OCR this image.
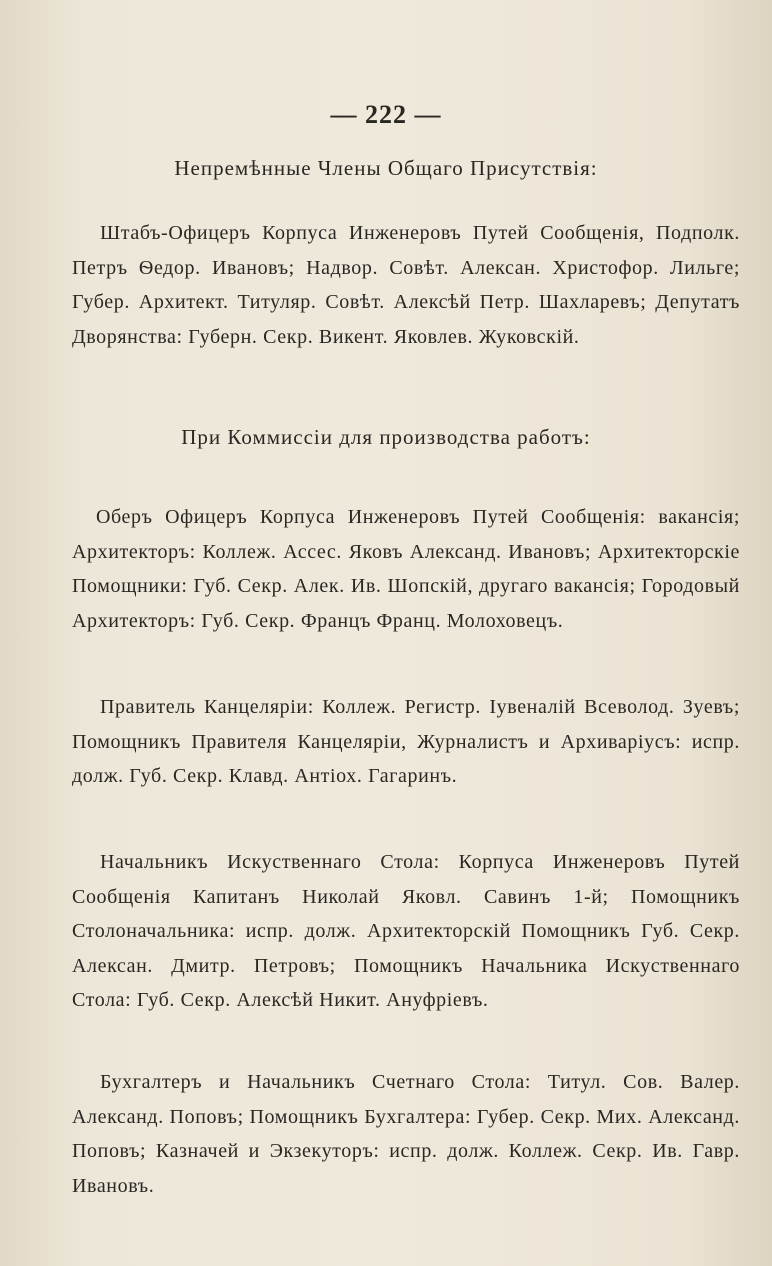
— 222 —
Непремѣнные Члены Общаго Присутствія:
Штабъ-Офицеръ Корпуса Инженеровъ Путей Сообщенія, Подполк. Петръ Ѳедор. Ивановъ; Надвор. Совѣт. Алексан. Христофор. Лильге; Губер. Архитект. Титуляр. Совѣт. Алексѣй Петр. Шахларевъ; Депутатъ Дворянства: Губерн. Секр. Викент. Яковлев. Жуковскій.
При Коммиссіи для производства работъ:
Оберъ Офицеръ Корпуса Инженеровъ Путей Сообщенія: вакансія; Архитекторъ: Коллеж. Ассес. Яковъ Александ. Ивановъ; Архитекторскіе Помощники: Губ. Секр. Алек. Ив. Шопскій, другаго вакансія; Городовый Архитекторъ: Губ. Секр. Францъ Франц. Молоховецъ.
Правитель Канцеляріи: Коллеж. Регистр. Іувеналій Всеволод. Зуевъ; Помощникъ Правителя Канцеляріи, Журналистъ и Архиваріусъ: испр. долж. Губ. Секр. Клавд. Антіох. Гагаринъ.
Начальникъ Искуственнаго Стола: Корпуса Инженеровъ Путей Сообщенія Капитанъ Николай Яковл. Савинъ 1-й; Помощникъ Столоначальника: испр. долж. Архитекторскій Помощникъ Губ. Секр. Алексан. Дмитр. Петровъ; Помощникъ Начальника Искуственнаго Стола: Губ. Секр. Алексѣй Никит. Ануфріевъ.
Бухгалтеръ и Начальникъ Счетнаго Стола: Титул. Сов. Валер. Александ. Поповъ; Помощникъ Бухгалтера: Губер. Секр. Мих. Александ. Поповъ; Казначей и Экзекуторъ: испр. долж. Коллеж. Секр. Ив. Гавр. Ивановъ.
